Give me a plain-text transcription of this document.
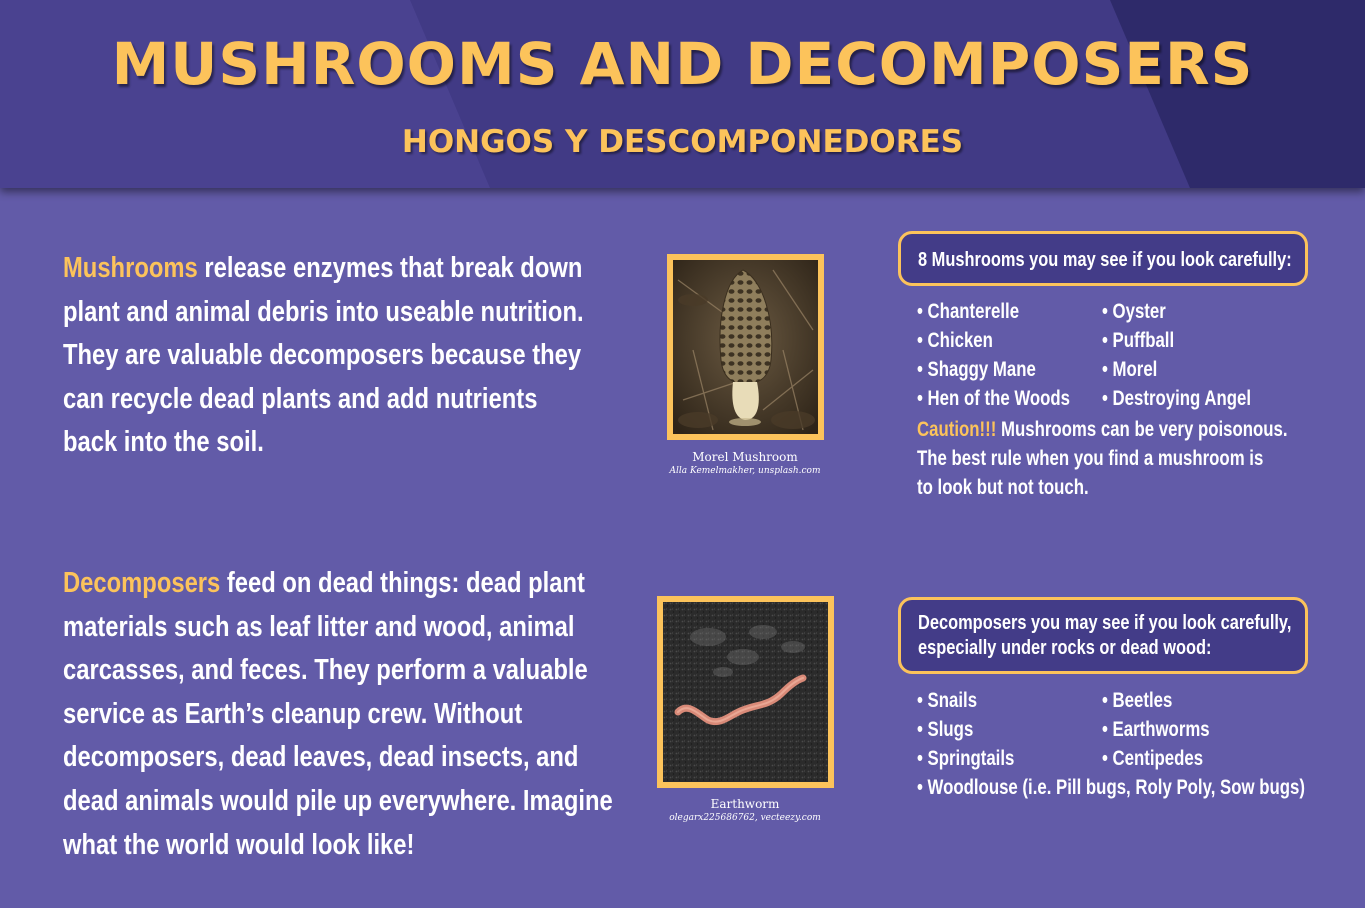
MUSHROOMS AND DECOMPOSERS
HONGOS Y DESCOMPONEDORES
Mushrooms release enzymes that break down plant and animal debris into useable nutrition. They are valuable decomposers because they can recycle dead plants and add nutrients back into the soil.	Morel Mushroom
Alla Kemelmakher, unsplash.com
8 Mushrooms you may see if you look carefully:
• Chanterelle
• Chicken
• Shaggy Mane
• Hen of the Woods
• Oyster
• Puffball
• Morel
• Destroying Angel
Caution!!! Mushrooms can be very poisonous.
The best rule when you find a mushroom is
to look but not touch.
Decomposers feed on dead things: dead plant materials such as leaf litter and wood, animal carcasses, and feces. They perform a valuable service as Earth’s cleanup crew. Without decomposers, dead leaves, dead insects, and dead animals would pile up everywhere. Imagine what the world would look like!
Earthworm
olegarx225686762, vecteezy.com
Decomposers you may see if you look carefully,
especially under rocks or dead wood:
• Snails
• Slugs
• Springtails
• Beetles
• Earthworms
• Centipedes
• Woodlouse (i.e. Pill bugs, Roly Poly, Sow bugs)
